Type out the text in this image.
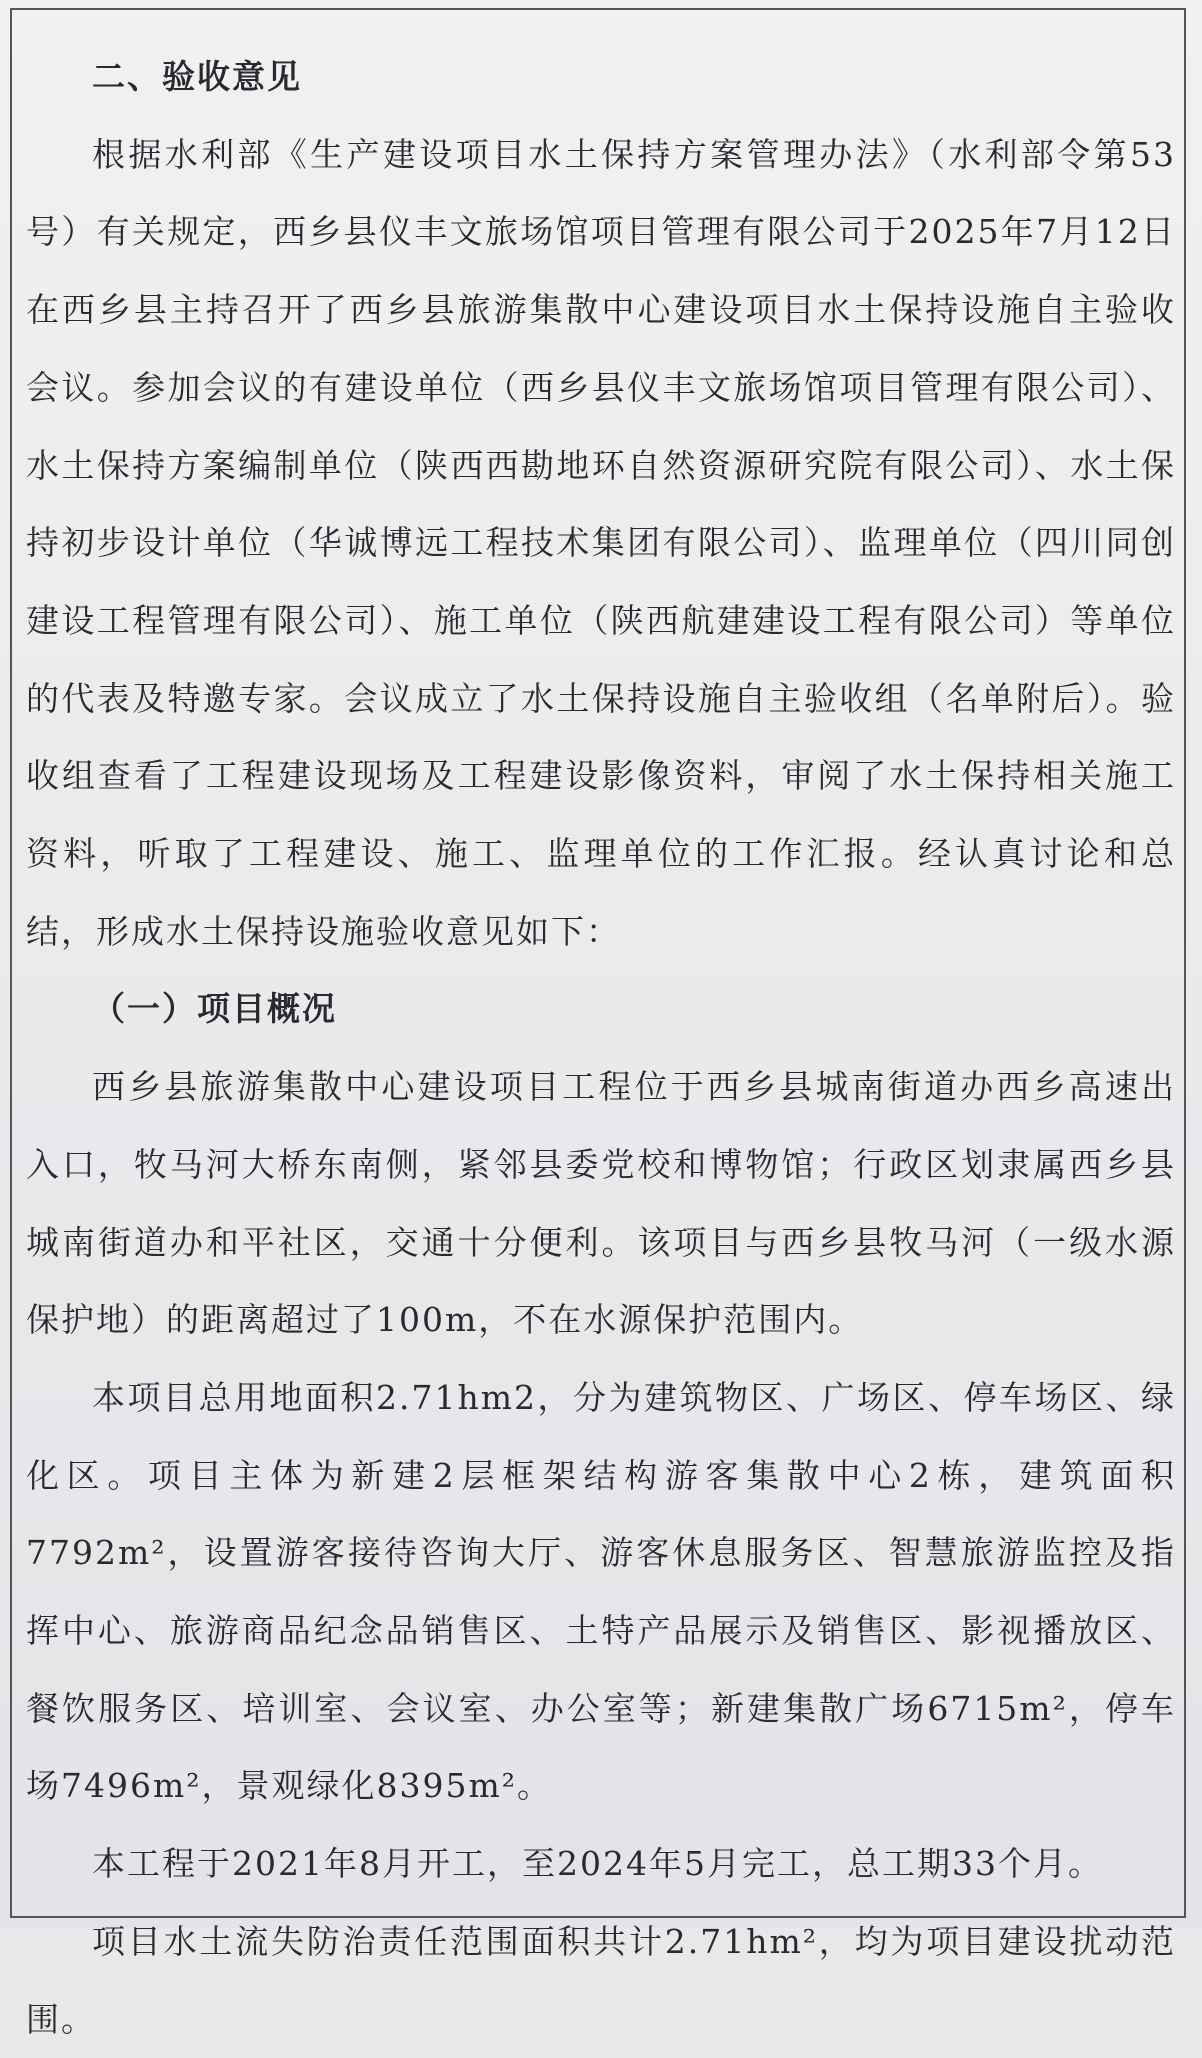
二、验收意见

根据水利部《生产建设项目水土保持方案管理办法》（水利部令第53号）有关规定，西乡县仪丰文旅场馆项目管理有限公司于2025年7月12日在西乡县主持召开了西乡县旅游集散中心建设项目水土保持设施自主验收会议。参加会议的有建设单位（西乡县仪丰文旅场馆项目管理有限公司）、水土保持方案编制单位（陕西西勘地环自然资源研究院有限公司）、水土保持初步设计单位（华诚博远工程技术集团有限公司）、监理单位（四川同创建设工程管理有限公司）、施工单位（陕西航建建设工程有限公司）等单位的代表及特邀专家。会议成立了水土保持设施自主验收组（名单附后）。验收组查看了工程建设现场及工程建设影像资料，审阅了水土保持相关施工资料，听取了工程建设、施工、监理单位的工作汇报。经认真讨论和总结，形成水土保持设施验收意见如下：

（一）项目概况

西乡县旅游集散中心建设项目工程位于西乡县城南街道办西乡高速出入口，牧马河大桥东南侧，紧邻县委党校和博物馆；行政区划隶属西乡县城南街道办和平社区，交通十分便利。该项目与西乡县牧马河（一级水源保护地）的距离超过了100m，不在水源保护范围内。

本项目总用地面积2.71hm2，分为建筑物区、广场区、停车场区、绿化区。项目主体为新建2层框架结构游客集散中心2栋，建筑面积7792m²，设置游客接待咨询大厅、游客休息服务区、智慧旅游监控及指挥中心、旅游商品纪念品销售区、土特产品展示及销售区、影视播放区、餐饮服务区、培训室、会议室、办公室等；新建集散广场6715m²，停车场7496m²，景观绿化8395m²。

本工程于2021年8月开工，至2024年5月完工，总工期33个月。

项目水土流失防治责任范围面积共计2.71hm²，均为项目建设扰动范围。
